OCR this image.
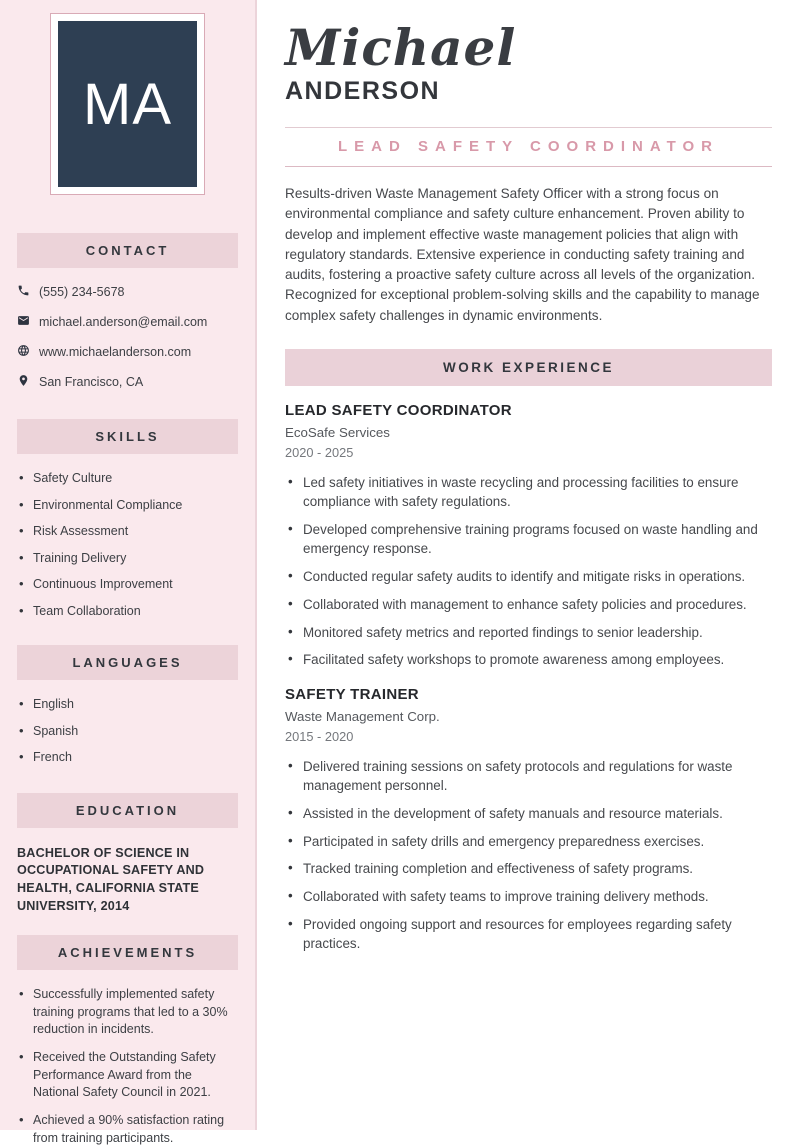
MA
CONTACT
(555) 234-5678
michael.anderson@email.com
www.michaelanderson.com
San Francisco, CA
SKILLS
• Safety Culture
• Environmental Compliance
• Risk Assessment
• Training Delivery
• Continuous Improvement
• Team Collaboration
LANGUAGES
• English
• Spanish
• French
EDUCATION
BACHELOR OF SCIENCE IN OCCUPATIONAL SAFETY AND HEALTH, CALIFORNIA STATE UNIVERSITY, 2014
ACHIEVEMENTS
• Successfully implemented safety training programs that led to a 30% reduction in incidents.
• Received the Outstanding Safety Performance Award from the National Safety Council in 2021.
• Achieved a 90% satisfaction rating from training participants.
Michael
ANDERSON
LEAD SAFETY COORDINATOR

Results-driven Waste Management Safety Officer with a strong focus on environmental compliance and safety culture enhancement. Proven ability to develop and implement effective waste management policies that align with regulatory standards. Extensive experience in conducting safety training and audits, fostering a proactive safety culture across all levels of the organization. Recognized for exceptional problem-solving skills and the capability to manage complex safety challenges in dynamic environments.

WORK EXPERIENCE
LEAD SAFETY COORDINATOR
EcoSafe Services
2020 - 2025
• Led safety initiatives in waste recycling and processing facilities to ensure compliance with safety regulations.
• Developed comprehensive training programs focused on waste handling and emergency response.
• Conducted regular safety audits to identify and mitigate risks in operations.
• Collaborated with management to enhance safety policies and procedures.
• Monitored safety metrics and reported findings to senior leadership.
• Facilitated safety workshops to promote awareness among employees.
SAFETY TRAINER
Waste Management Corp.
2015 - 2020
• Delivered training sessions on safety protocols and regulations for waste management personnel.
• Assisted in the development of safety manuals and resource materials.
• Participated in safety drills and emergency preparedness exercises.
• Tracked training completion and effectiveness of safety programs.
• Collaborated with safety teams to improve training delivery methods.
• Provided ongoing support and resources for employees regarding safety practices.
